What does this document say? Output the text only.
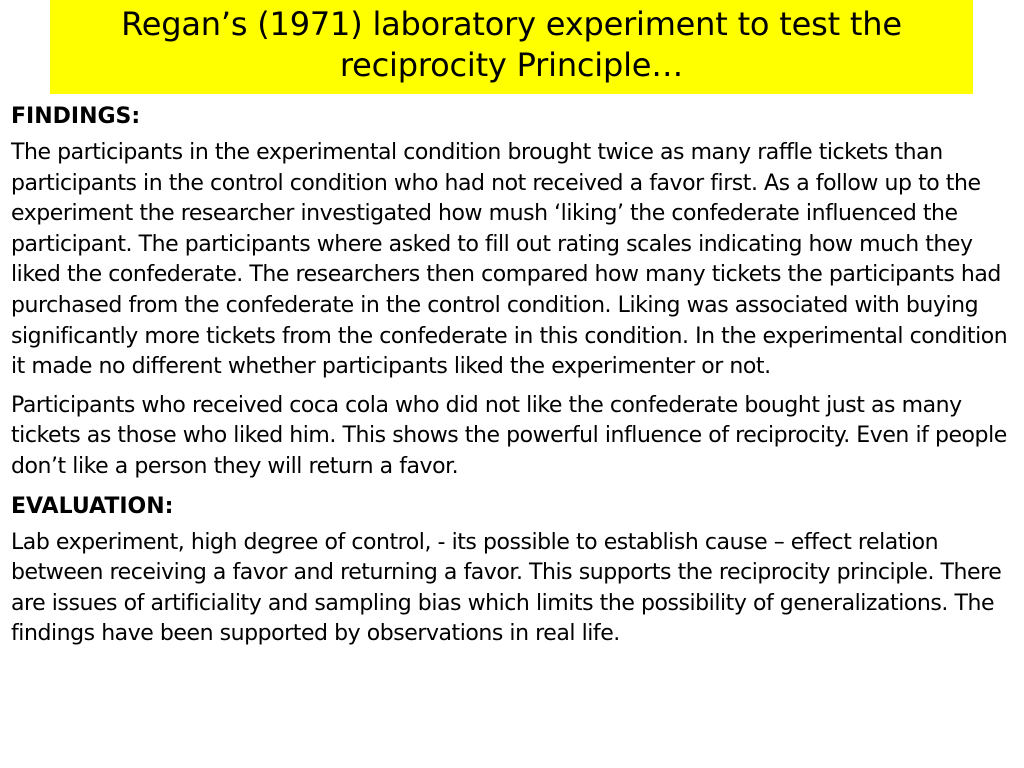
Regan’s (1971) laboratory experiment to test the reciprocity Principle…
FINDINGS:
The participants in the experimental condition brought twice as many raffle tickets than participants in the control condition who had not received a favor first. As a follow up to the experiment the researcher investigated how mush ‘liking’ the confederate influenced the participant. The participants where asked to fill out rating scales indicating how much they liked the confederate. The researchers then compared how many tickets the participants had purchased from the confederate in the control condition. Liking was associated with buying significantly more tickets from the confederate in this condition. In the experimental condition it made no different whether participants liked the experimenter or not.
Participants who received coca cola who did not like the confederate bought just as many tickets as those who liked him. This shows the powerful influence of reciprocity. Even if people don’t like a person they will return a favor.
EVALUATION:
Lab experiment, high degree of control, - its possible to establish cause – effect relation between receiving a favor and returning a favor. This supports the reciprocity principle. There are issues of artificiality and sampling bias which limits the possibility of generalizations. The findings have been supported by observations in real life.
